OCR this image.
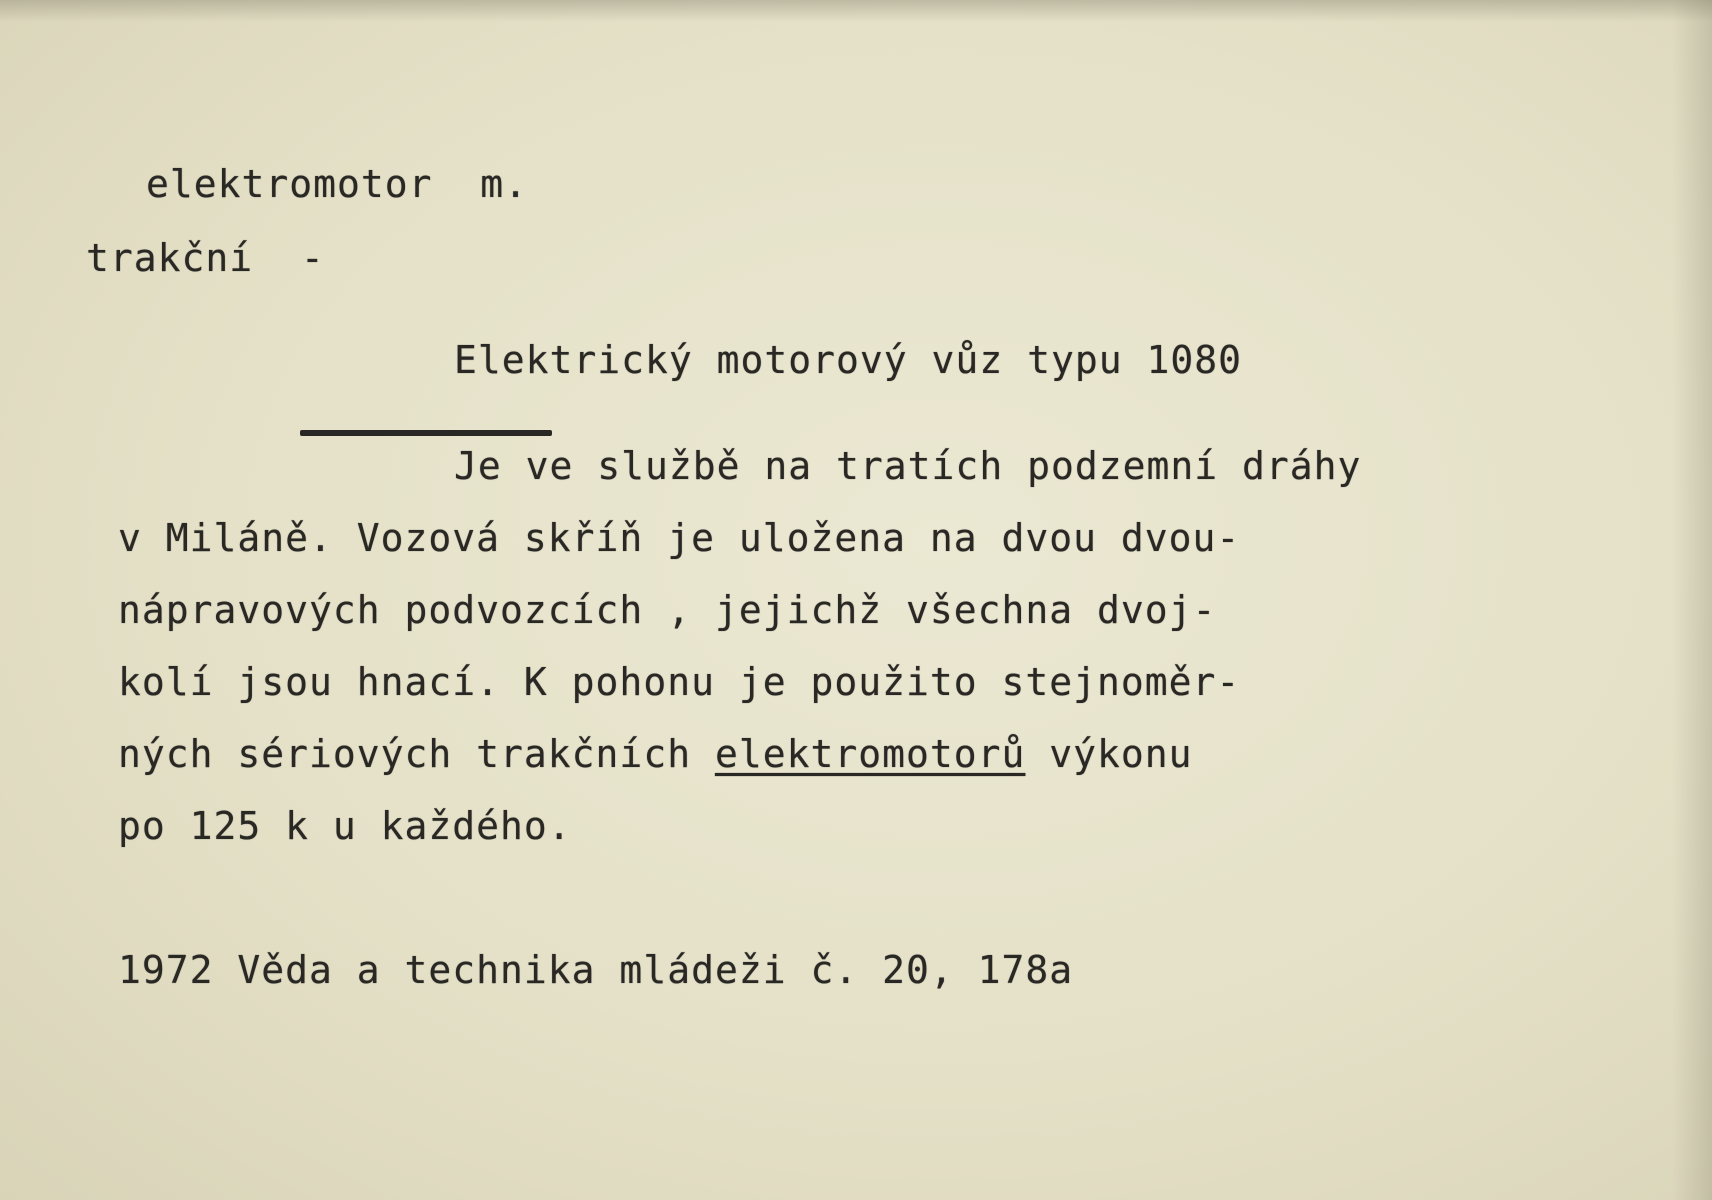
elektromotor  m.
trakční  -
Elektrický motorový vůz typu 1080
Je ve službě na tratích podzemní dráhy
v Miláně. Vozová skříň je uložena na dvou dvou-
nápravových podvozcích , jejichž všechna dvoj-
kolí jsou hnací. K pohonu je použito stejnoměr-
ných sériových trakčních elektromotorů výkonu
po 125 k u každého.
1972 Věda a technika mládeži č. 20, 178a
